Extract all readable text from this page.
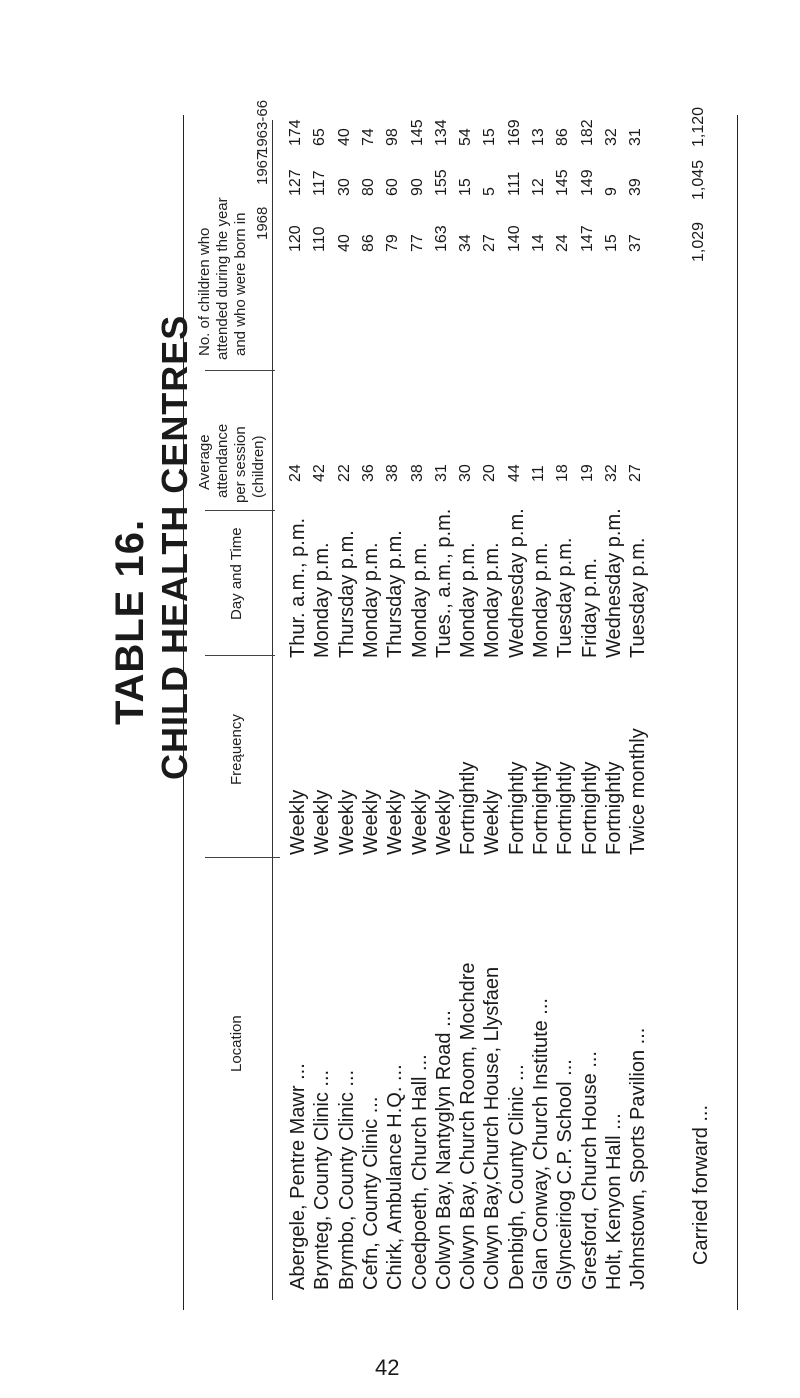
TABLE 16. CHILD HEALTH CENTRES
Location
Freąuency
Day and Time
Average attendance per session (children)
No. of children who attended during the year and who were born in 1968
1967
1963-66
Abergele, Pentre Mawr ...
Weekly
Thur. a.m., p.m.
24
120
127
174
Brynteg, County Clinic ...
Weekly
Monday p.m.
42
110
117
65
Brymbo, County Clinic ...
Weekly
Thursday p.m.
22
40
30
40
Cefn, County Clinic ...
Weekly
Monday p.m.
36
86
80
74
Chirk, Ambulance H.Q. ...
Weekly
Thursday p.m.
38
79
60
98
Coedpoeth, Church Hall ...
Weekly
Monday p.m.
38
77
90
145
Colwyn Bay, Nantyglyn Road ...
Weekly
Tues., a.m., p.m.
31
163
155
134
Colwyn Bay, Church Room, Mochdre
Fortnightly
Monday p.m.
30
34
15
54
Colwyn Bay,Church House, Llysfaen
Weekly
Monday p.m.
20
27
5
15
Denbigh, County Clinic ...
Fortnightly
Wednesday p.m.
44
140
111
169
Glan Conway, Church Institute ...
Fortnightly
Monday p.m.
11
14
12
13
Glynceiriog C.P. School ...
Fortnightly
Tuesday p.m.
18
24
145
86
Gresford, Church House ...
Fortnightly
Friday p.m.
19
147
149
182
Holt, Kenyon Hall ...
Fortnightly
Wednesday p.m.
32
15
9
32
Johnstown, Sports Pavilion ...
Twice monthly
Tuesday p.m.
27
37
39
31
Carried forward ...
1,029
1,045
1,120
42
